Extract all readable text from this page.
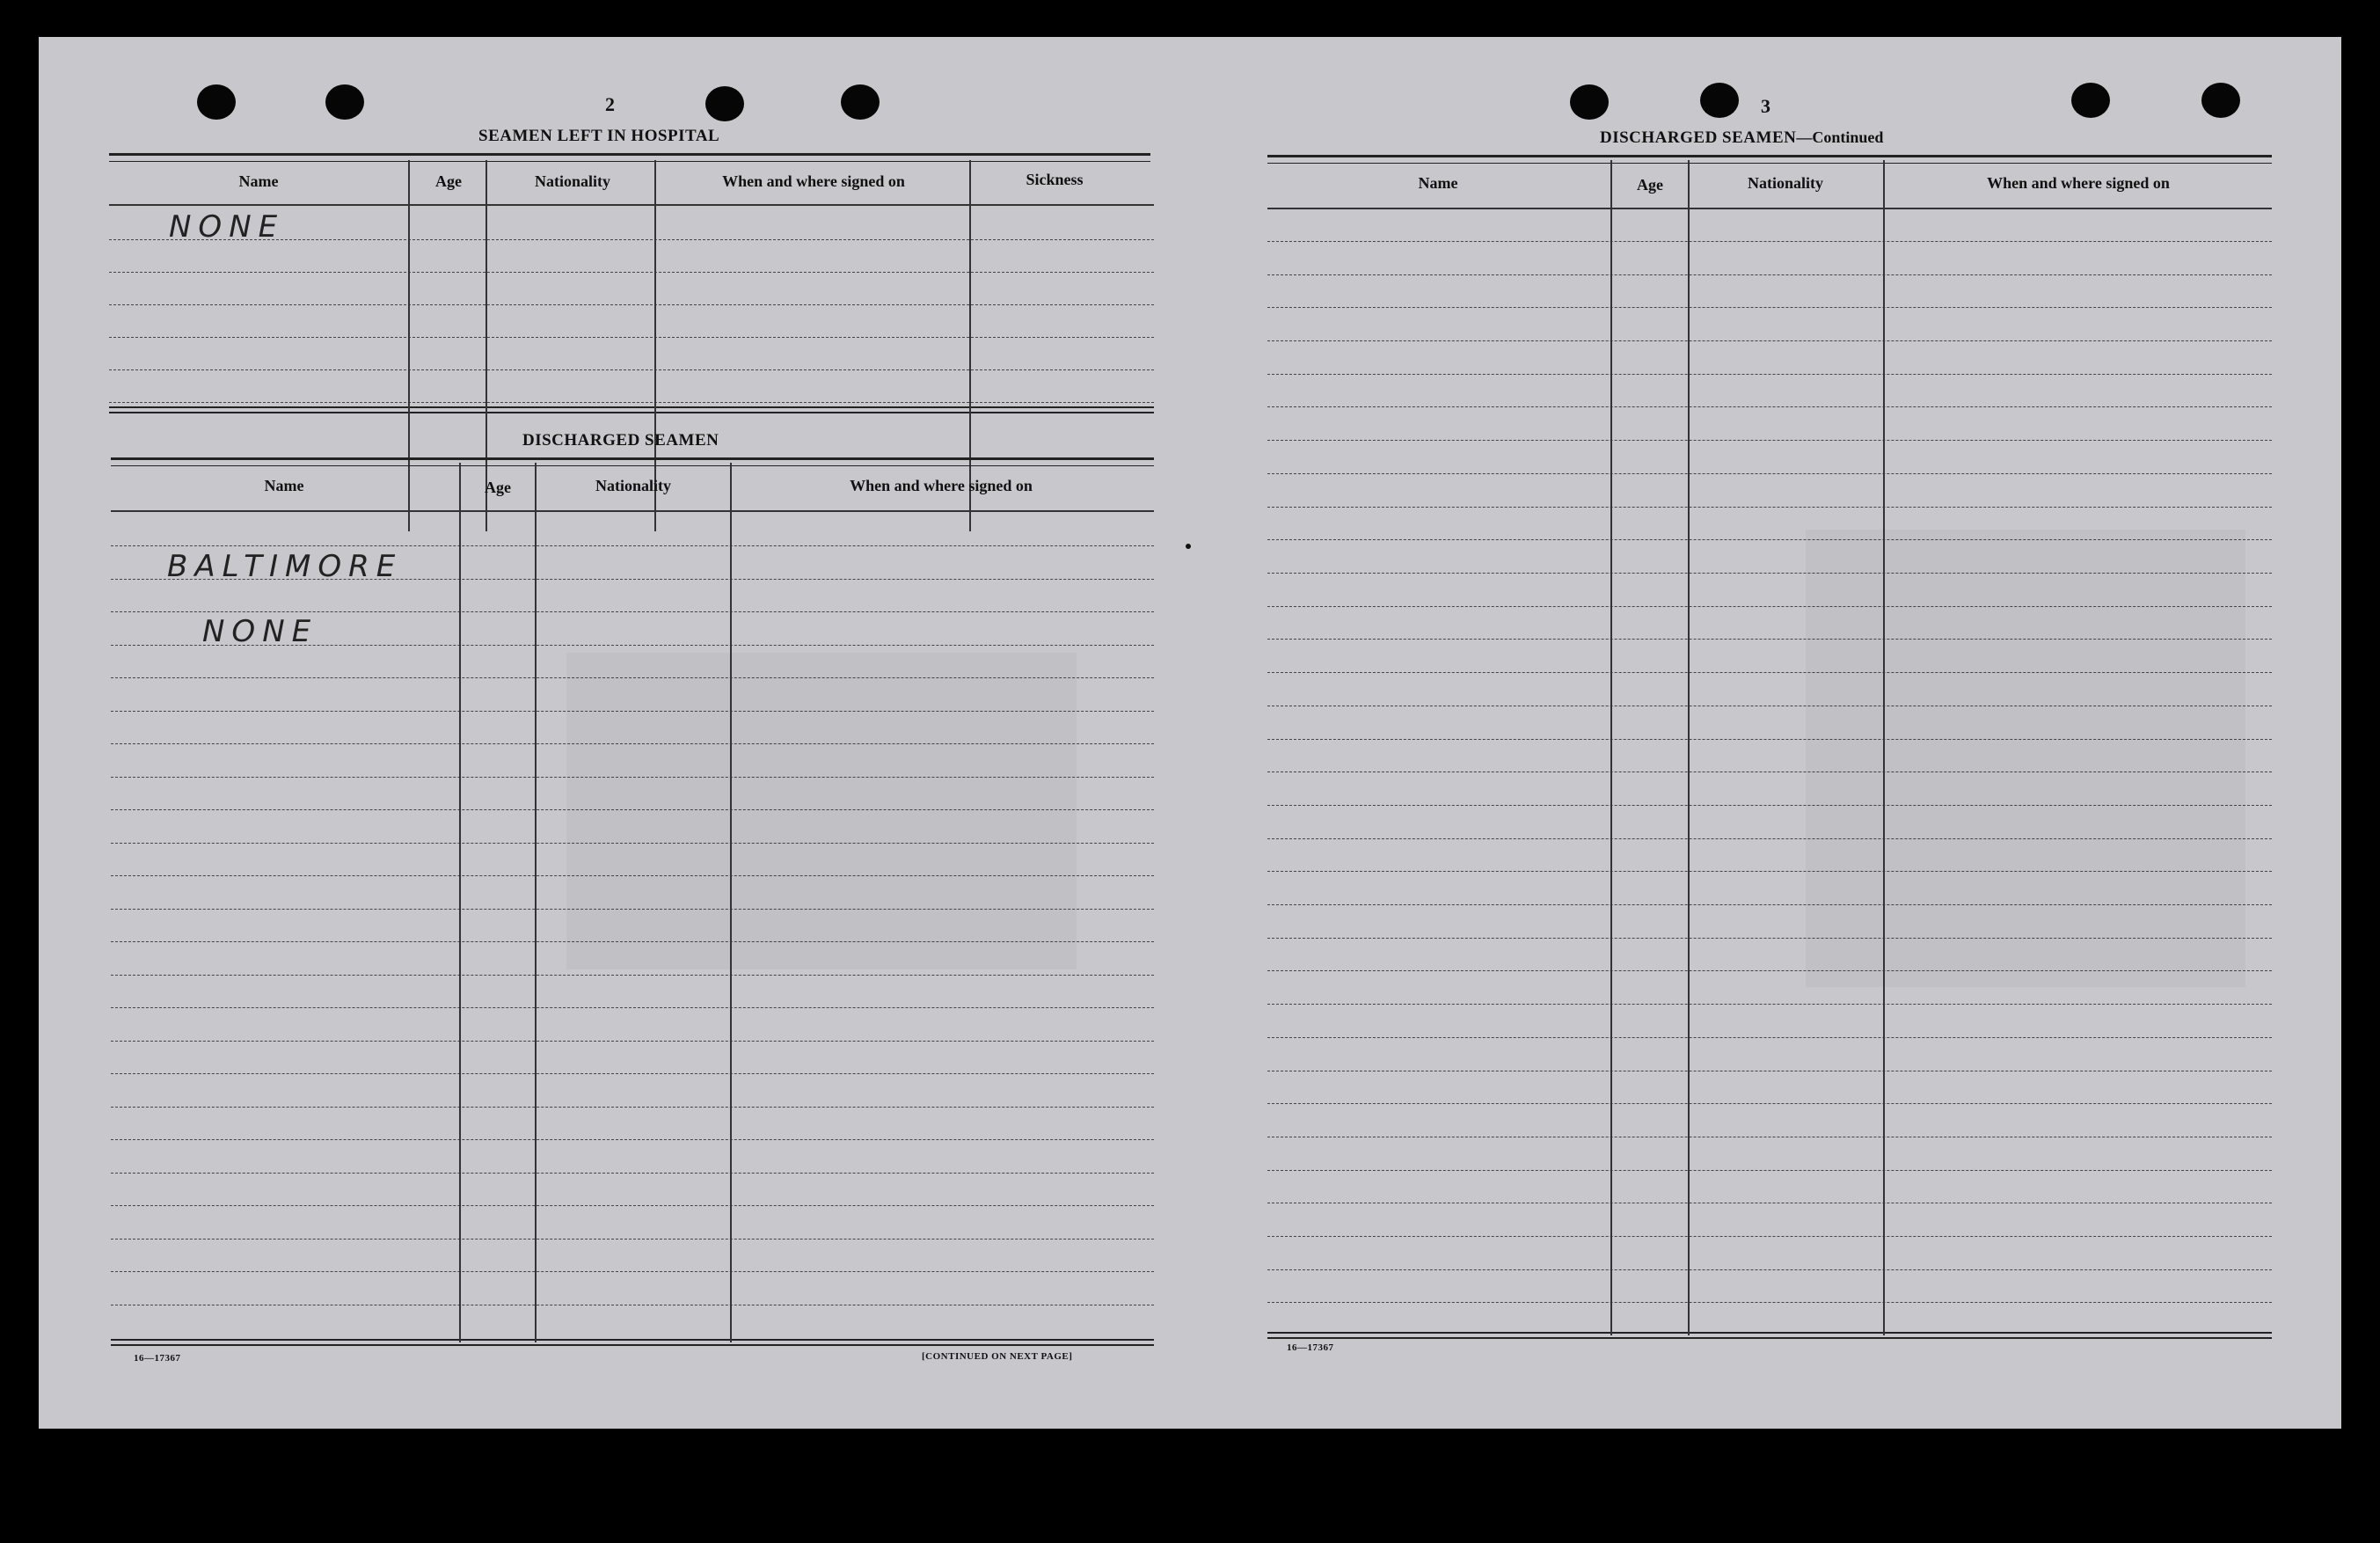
2
SEAMEN LEFT IN HOSPITAL
Name	Age	Nationality	When and where signed on	Sickness
NONE
DISCHARGED SEAMEN
Name	Age	Nationality	When and where signed on
BALTIMORE
NONE
16—17367	[CONTINUED ON NEXT PAGE]
3
DISCHARGED SEAMEN—Continued
Name	Age	Nationality	When and where signed on
16—17367
